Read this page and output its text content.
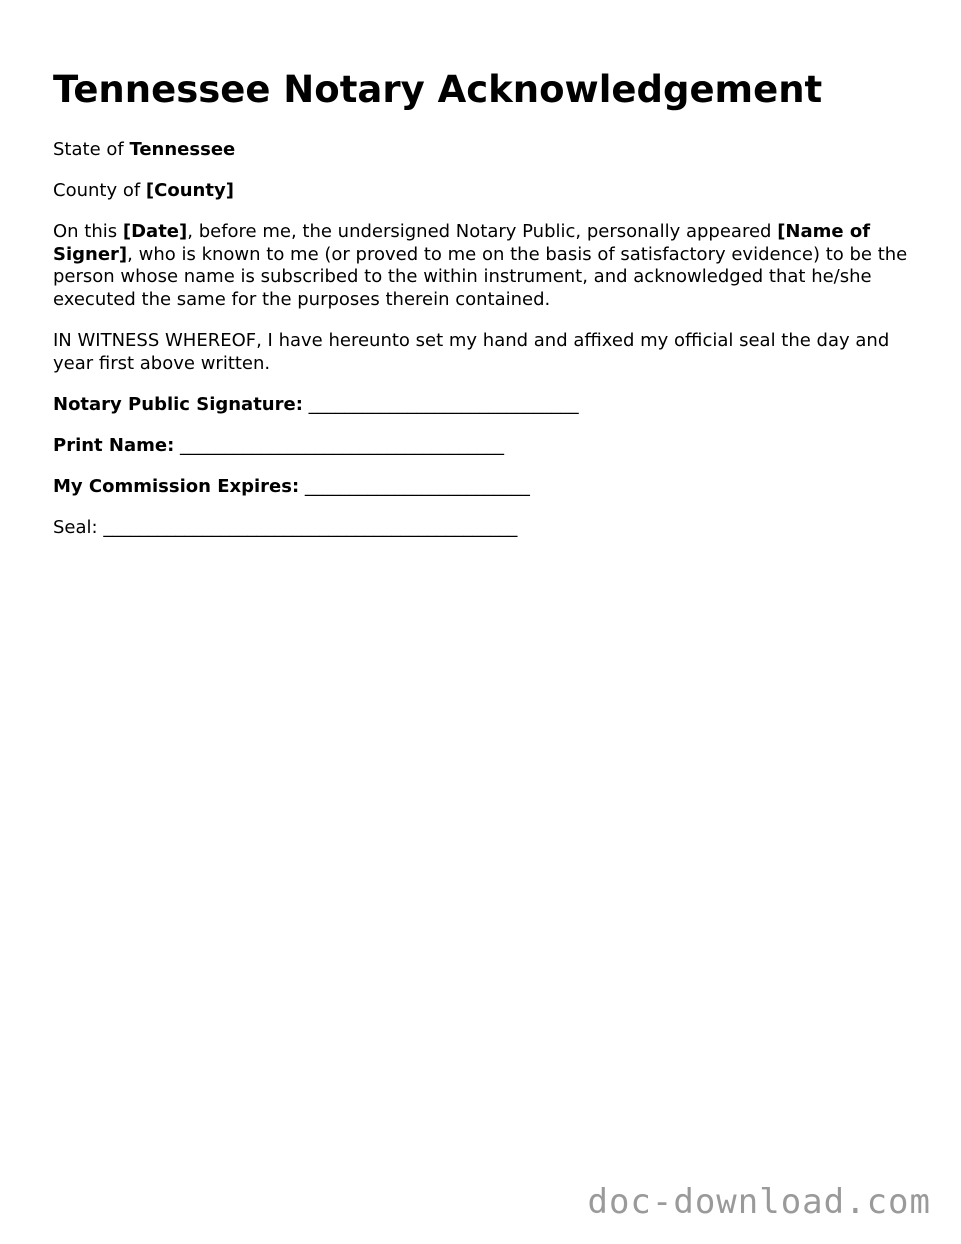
Tennessee Notary Acknowledgement

State of Tennessee

County of [County]

On this [Date], before me, the undersigned Notary Public, personally appeared [Name of Signer], who is known to me (or proved to me on the basis of satisfactory evidence) to be the person whose name is subscribed to the within instrument, and acknowledged that he/she executed the same for the purposes therein contained.

IN WITNESS WHEREOF, I have hereunto set my hand and affixed my official seal the day and year first above written.

Notary Public Signature: ______________________________

Print Name: ____________________________________

My Commission Expires: _________________________

Seal: ______________________________________________

doc-download.com
